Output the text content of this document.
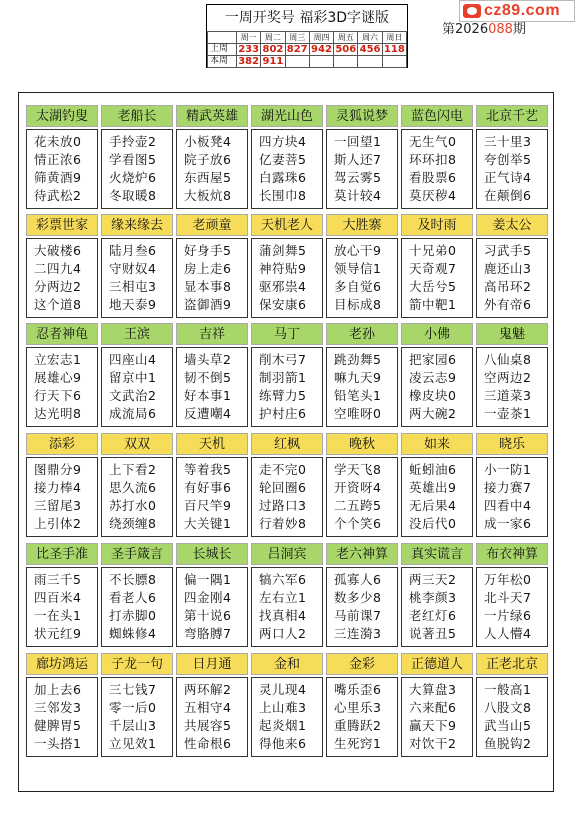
一周开奖号 福彩3D字谜版
	周一	周二	周三	周四	周五	周六	周日
上周	233	802	827	942	506	456	118
本周	382	911					
第2026088期
cz89.com
太湖钓叟
花未放0
情正浓6
筛黄酒9
待武松2
老船长
手拎壶2
学看图5
火烧炉6
冬取暖8
精武英雄
小板凳4
院子放6
东西屋5
大板炕8
湖光山色
四方块4
亿妻菩5
白露珠6
长围巾8
灵狐说梦
一回望1
斯人还7
驾云雾5
莫计较4
蓝色闪电
无生气0
环环扣8
看股票6
莫厌秽4
北京千艺
三十里3
夸创举5
正气诗4
在颠倒6
彩票世家
大破楼6
二四九4
分两边2
这个道8
缘来缘去
陆月叁6
守财奴4
三相屯3
地天泰9
老顽童
好身手5
房上走6
显本事8
盗御酒9
天机老人
蒲剑舞5
神符贴9
驱邪祟4
保安康6
大胜寨
放心干9
领导信1
多自觉6
目标成8
及时雨
十兄弟0
天奇观7
大岳兮5
箭中靶1
姜太公
习武手5
鹿还山3
高吊环2
外有帝6
忍者神龟
立宏志1
展雄心9
行天下6
达光明8
王滨
四座山4
留京中1
文武治2
成流局6
吉祥
墙头草2
韧不倒5
好本事1
反遭嘲4
马丁
削木弓7
制羽箭1
练臂力5
护村庄6
老孙
跳劲舞5
嘛九天9
铅笔头1
空唯呀0
小佛
把家园6
凌云志9
橡皮块0
两大碗2
鬼魅
八仙桌8
空两边2
三道菜3
一壶茶1
添彩
图鼎分9
接力棒4
三留尾3
上引体2
双双
上下看2
思久流6
苏打水0
绕颈缠8
天机
等着我5
有好事6
百尺竿9
大关键1
红枫
走不完0
轮回圈6
过路口3
行着妙8
晚秋
学天飞8
开资呀4
二五跨5
个个笑6
如来
蚯蚓油6
英雄出9
无后果4
没后代0
晓乐
小一防1
接力赛7
四看中4
成一家6
比圣手准
雨三千5
四百米4
一在头1
状元红9
圣手箴言
不长膘8
看老人6
打赤脚0
蜘蛛修4
长城长
偏一隅1
四金刚4
第十说6
弯胳膊7
吕洞宾
犒六军6
左右立1
找真相4
两口人2
老六神算
孤寡人6
数多少8
马前课7
三连漪3
真实谎言
两三天2
桃李颜3
老红灯6
说著丑5
布衣神算
万年松0
北斗天7
一片绿6
人人懵4
廊坊鸿运
加上去6
三邻发3
健脾胃5
一头搭1
子龙一句
三七钱7
零一后0
千层山3
立见效1
日月通
两环解2
五相守4
共展容5
性命根6
金和
灵儿现4
上山难3
起炎烟1
得他来6
金彩
嘴乐歪6
心里乐3
重腾跃2
生死窍1
正德道人
大算盘3
六来配6
赢天下9
对饮干2
正老北京
一般高1
八股文8
武当山5
鱼脱钩2
